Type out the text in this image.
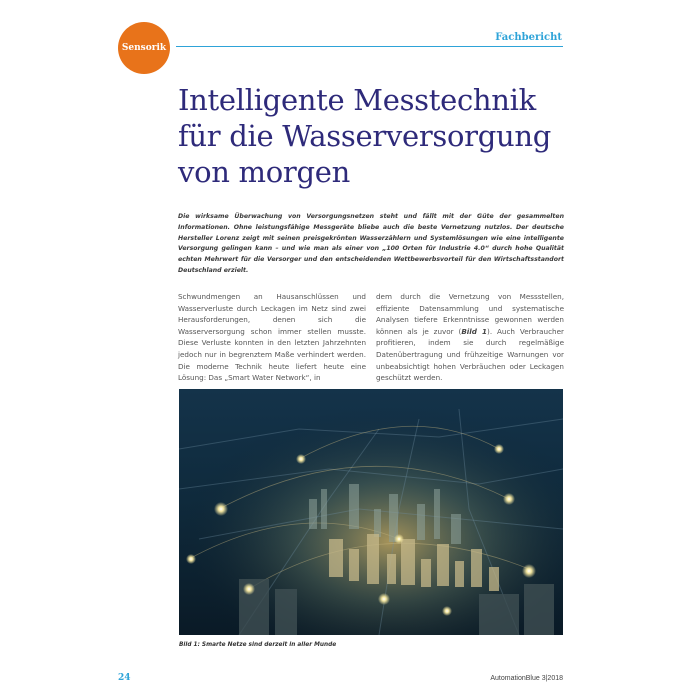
Sensorik
Fachbericht
Intelligente Messtechnik
für die Wasserversorgung
von morgen

Die wirksame Überwachung von Versorgungsnetzen steht und fällt mit der Güte der gesammelten Informationen. Ohne leistungsfähige Messgeräte bliebe auch die beste Vernetzung nutzlos. Der deutsche Hersteller Lorenz zeigt mit seinen preisgekrönten Wasserzählern und Systemlösungen wie eine intelligente Versorgung gelingen kann – und wie man als einer von „100 Orten für Industrie 4.0“ durch hohe Qualität echten Mehrwert für die Versorger und den entscheidenden Wettbewerbsvorteil für den Wirtschaftsstandort Deutschland erzielt.

Schwundmengen an Hausanschlüssen und Wasserverluste durch Leckagen im Netz sind zwei Herausforderungen, denen sich die Wasserversorgung schon immer stellen musste. Diese Verluste konnten in den letzten Jahrzehnten jedoch nur in begrenztem Maße verhindert werden. Die moderne Technik heute liefert heute eine Lösung: Das „Smart Water Network“, in

dem durch die Vernetzung von Messstellen, effiziente Datensammlung und systematische Analysen tiefere Erkenntnisse gewonnen werden können als je zuvor (Bild 1). Auch Verbraucher profitieren, indem sie durch regelmäßige Datenübertragung und frühzeitige Warnungen vor unbeabsichtigt hohen Verbräuchen oder Leckagen geschützt werden.

Bild 1: Smarte Netze sind derzeit in aller Munde

24	AutomationBlue 3|2018
